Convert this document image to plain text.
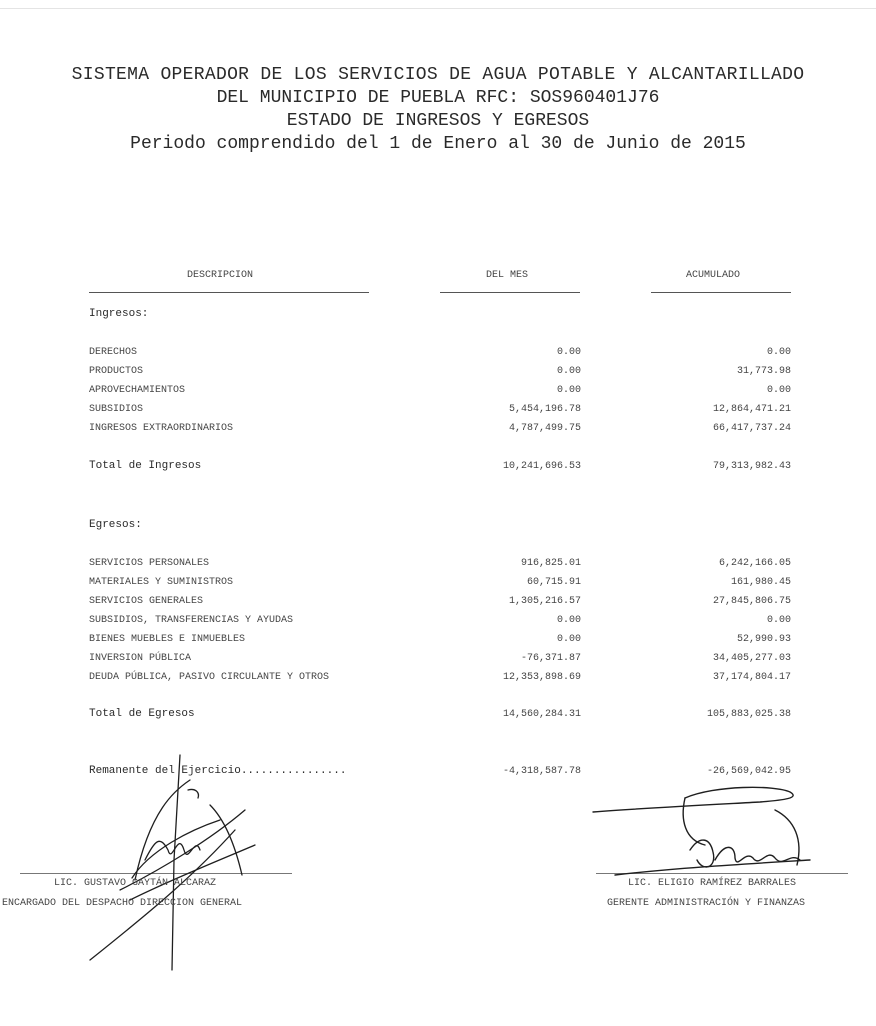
SISTEMA OPERADOR DE LOS SERVICIOS DE AGUA POTABLE Y ALCANTARILLADO
DEL MUNICIPIO DE PUEBLA RFC: SOS960401J76
ESTADO DE INGRESOS Y EGRESOS
Periodo comprendido del 1 de Enero al 30 de Junio de 2015
DESCRIPCION	DEL MES	ACUMULADO
Ingresos:
DERECHOS	0.00	0.00
PRODUCTOS	0.00	31,773.98
APROVECHAMIENTOS	0.00	0.00
SUBSIDIOS	5,454,196.78	12,864,471.21
INGRESOS EXTRAORDINARIOS	4,787,499.75	66,417,737.24
Total de Ingresos	10,241,696.53	79,313,982.43
Egresos:
SERVICIOS PERSONALES	916,825.01	6,242,166.05
MATERIALES Y SUMINISTROS	60,715.91	161,980.45
SERVICIOS GENERALES	1,305,216.57	27,845,806.75
SUBSIDIOS, TRANSFERENCIAS Y AYUDAS	0.00	0.00
BIENES MUEBLES E INMUEBLES	0.00	52,990.93
INVERSION PÚBLICA	-76,371.87	34,405,277.03
DEUDA PÚBLICA, PASIVO CIRCULANTE Y OTROS	12,353,898.69	37,174,804.17
Total de Egresos	14,560,284.31	105,883,025.38
Remanente del Ejercicio................	-4,318,587.78	-26,569,042.95
LIC. GUSTAVO GAYTÁN ALCARAZ
ENCARGADO DEL DESPACHO DIRECCION GENERAL
LIC. ELIGIO RAMÍREZ BARRALES
GERENTE ADMINISTRACIÓN Y FINANZAS
